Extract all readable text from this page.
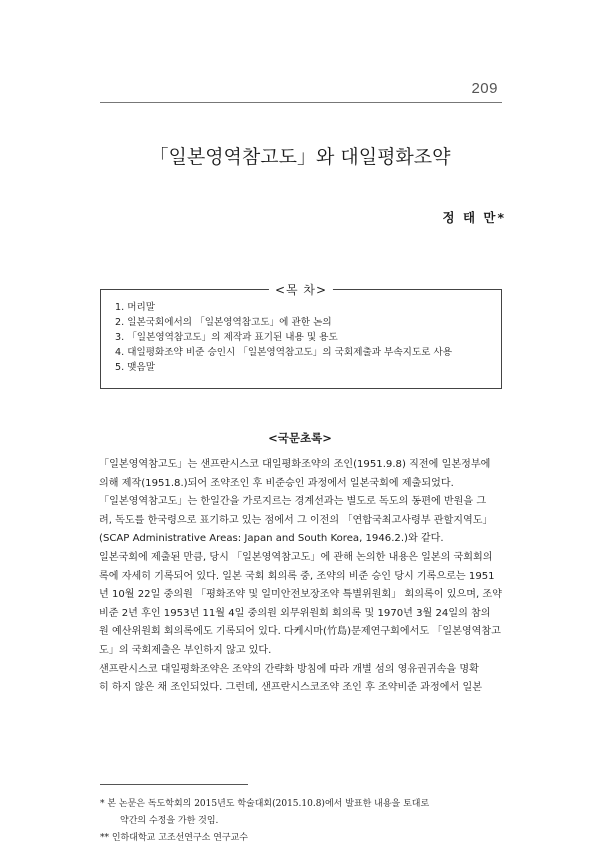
209
「일본영역참고도」와 대일평화조약
정 태 만*
<목 차>
1. 머리말
2. 일본국회에서의 「일본영역참고도」에 관한 논의
3. 「일본영역참고도」의 제작과 표기된 내용 및 용도
4. 대일평화조약 비준 승인시 「일본영역참고도」의 국회제출과 부속지도로 사용
5. 맺음말
<국문초록>
「일본영역참고도」는 샌프란시스코 대일평화조약의 조인(1951.9.8) 직전에 일본정부에
의해 제작(1951.8.)되어 조약조인 후 비준승인 과정에서 일본국회에 제출되었다.
「일본영역참고도」는 한일간을 가로지르는 경계선과는 별도로 독도의 동편에 반원을 그
려, 독도를 한국령으로 표기하고 있는 점에서 그 이전의 「연합국최고사령부 관할지역도」
(SCAP Administrative Areas: Japan and South Korea, 1946.2.)와 같다.
일본국회에 제출된 만큼, 당시 「일본영역참고도」에 관해 논의한 내용은 일본의 국회회의
록에 자세히 기록되어 있다. 일본 국회 회의록 중, 조약의 비준 승인 당시 기록으로는 1951
년 10월 22일 중의원 「평화조약 및 일미안전보장조약 특별위원회」 회의록이 있으며, 조약
비준 2년 후인 1953년 11월 4일 중의원 외무위원회 회의록 및 1970년 3월 24일의 참의
원 예산위원회 회의록에도 기록되어 있다. 다케시마(竹島)문제연구회에서도 「일본영역참고
도」의 국회제출은 부인하지 않고 있다.
샌프란시스코 대일평화조약은 조약의 간략화 방침에 따라 개별 섬의 영유권귀속을 명확
히 하지 않은 채 조인되었다. 그런데, 샌프란시스코조약 조인 후 조약비준 과정에서 일본
* 본 논문은 독도학회의 2015년도 학술대회(2015.10.8)에서 발표한 내용을 토대로
약간의 수정을 가한 것임.
** 인하대학교 고조선연구소 연구교수
